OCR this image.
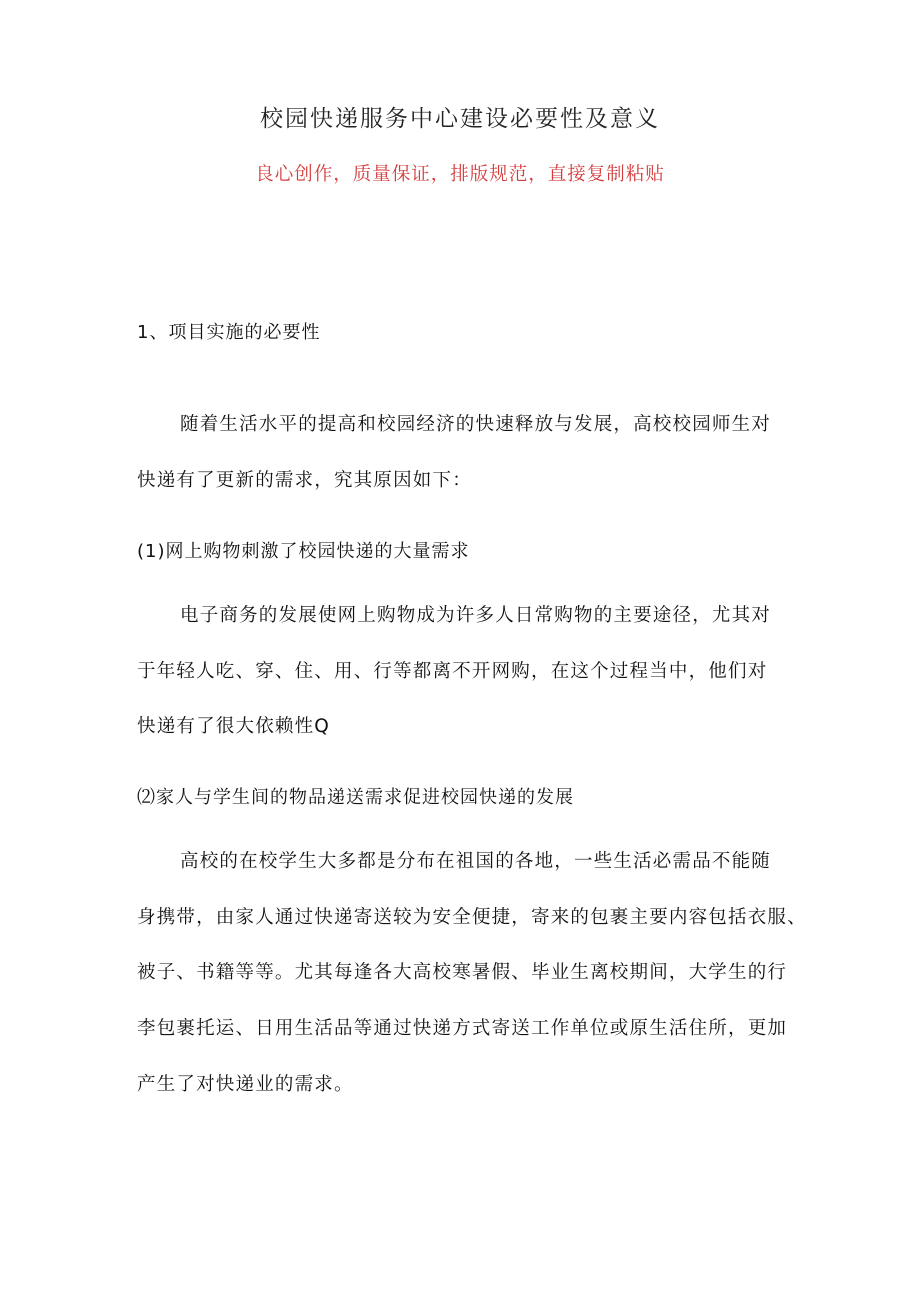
校园快递服务中心建设必要性及意义
良心创作，质量保证，排版规范，直接复制粘贴
1、项目实施的必要性
随着生活水平的提高和校园经济的快速释放与发展，高校校园师生对
快递有了更新的需求，究其原因如下：
(1)网上购物刺激了校园快递的大量需求
电子商务的发展使网上购物成为许多人日常购物的主要途径，尤其对
于年轻人吃、穿、住、用、行等都离不开网购，在这个过程当中，他们对
快递有了很大依赖性Q
⑵家人与学生间的物品递送需求促进校园快递的发展
高校的在校学生大多都是分布在祖国的各地，一些生活必需品不能随
身携带，由家人通过快递寄送较为安全便捷，寄来的包裹主要内容包括衣服、
被子、书籍等等。尤其每逢各大高校寒暑假、毕业生离校期间，大学生的行
李包裹托运、日用生活品等通过快递方式寄送工作单位或原生活住所，更加
产生了对快递业的需求。
